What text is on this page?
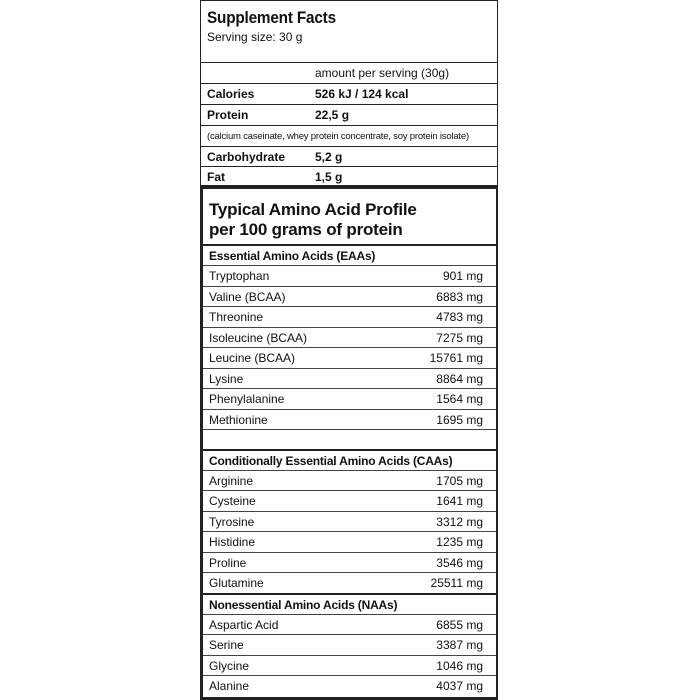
Supplement Facts
Serving size: 30 g
amount per serving (30g)
Calories	526 kJ / 124 kcal
Protein	22,5 g
(calcium caseinate, whey protein concentrate, soy protein isolate)
Carbohydrate 5,2 g
Fat	1,5 g
Typical Amino Acid Profile
per 100 grams of protein
Essential Amino Acids (EAAs)
Tryptophan	901 mg
Valine (BCAA)	6883 mg
Threonine	4783 mg
Isoleucine (BCAA)	7275 mg
Leucine (BCAA)	15761 mg
Lysine	8864 mg
Phenylalanine	1564 mg
Methionine	1695 mg
Conditionally Essential Amino Acids (CAAs)
Arginine	1705 mg
Cysteine	1641 mg
Tyrosine	3312 mg
Histidine	1235 mg
Proline	3546 mg
Glutamine	25511 mg
Nonessential Amino Acids (NAAs)
Aspartic Acid	6855 mg
Serine	3387 mg
Glycine	1046 mg
Alanine	4037 mg
